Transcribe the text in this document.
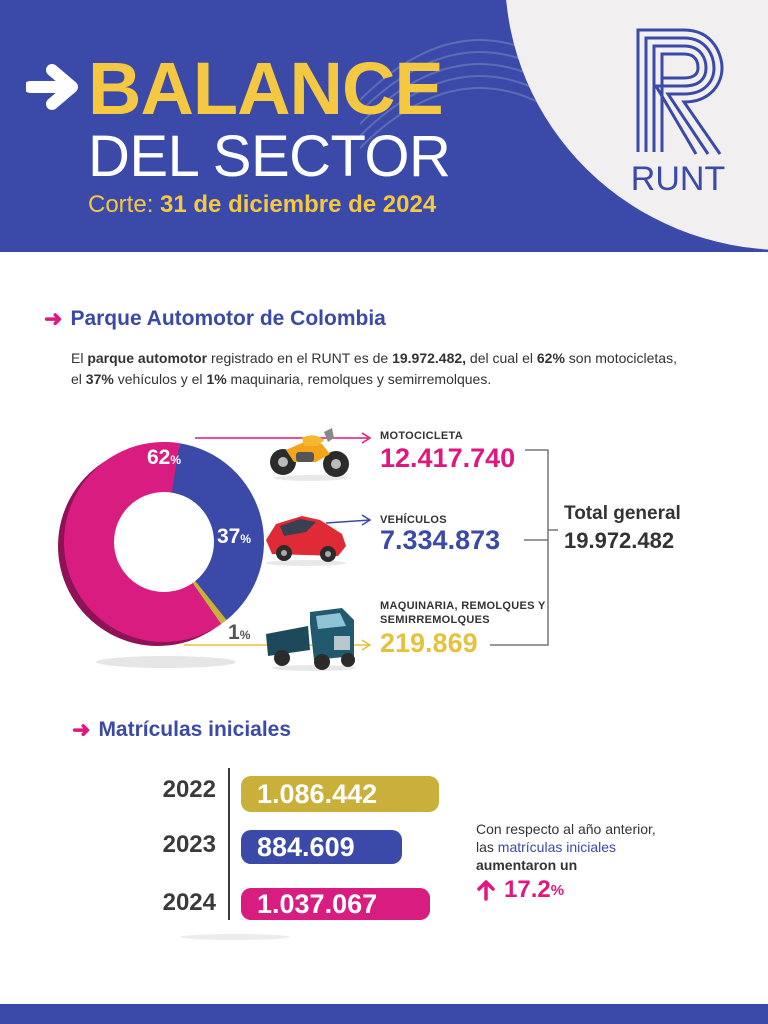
BALANCE
DEL SECTOR
Corte: 31 de diciembre de 2024
RUNT
➜ Parque Automotor de Colombia
El parque automotor registrado en el RUNT es de 19.972.482, del cual el 62% son motocicletas, el 37% vehículos y el 1% maquinaria, remolques y semirremolques.
62%
37%
1%
MOTOCICLETA
12.417.740
VEHÍCULOS
7.334.873
MAQUINARIA, REMOLQUES Y SEMIRREMOLQUES
219.869
Total general
19.972.482
➜ Matrículas iniciales
2022
2023
2024
1.086.442
884.609
1.037.067
Con respecto al año anterior,
las matrículas iniciales
aumentaron un
17.2 %
